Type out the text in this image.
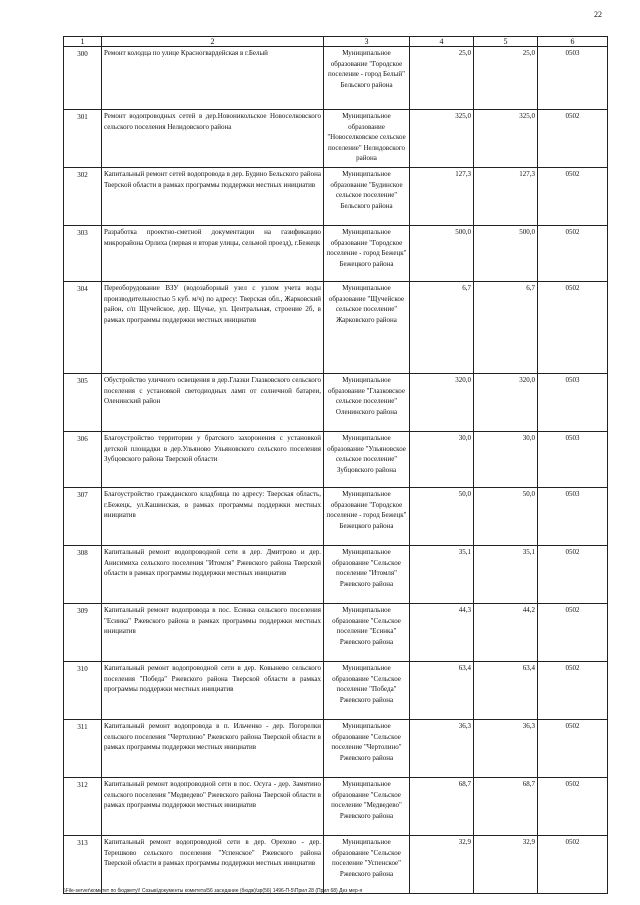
22
1	2	3	4	5	6
300	Ремонт колодца по улице Красногвардейская в г.Белый	Муниципальное образование "Городское поселение - город Белый" Бельского района	25,0	25,0	0503
301	Ремонт водопроводных сетей в дер.Новоникольское Новоселковского сельского поселения Нелидовского района	Муниципальное образование "Новоселковское сельское поселение" Нелидовского района	325,0	325,0	0502
302	Капитальный ремонт сетей водопровода в дер. Будино Бельского района Тверской области в рамках программы поддержки местных инициатив	Муниципальное образование "Будинское сельское поселение" Бельского района	127,3	127,3	0502
303	Разработка проектно-сметной документации на газификацию микрорайона Орлиха (первая и вторая улицы, сельмой проезд), г.Бежецк	Муниципальное образование "Городское поселение - город Бежецк" Бежецкого района	500,0	500,0	0502
304	Переоборудование ВЗУ (водозаборный узел с узлом учета воды производительностью 5 куб. м/ч) по адресу: Тверская обл., Жарковский район, с/п Щучейское, дер. Щучье, ул. Центральная, строение 2б, в рамках программы поддержки местных инициатив	Муниципальное образование "Щучейское сельское поселение" Жарковского района	6,7	6,7	0502
305	Обустройство уличного освещения в дер.Глазки Глазковского сельского поселения с установкой светодиодных ламп от солнечной батареи, Оленинский район	Муниципальное образование "Глазковское сельское поселение" Оленинского района	320,0	320,0	0503
306	Благоустройство территории у братского захоронения с установкой детской площадки в дер.Ульяново Ульяновского сельского поселения Зубцовского района Тверской области	Муниципальное образование "Ульяновское сельское поселение" Зубцовского района	30,0	30,0	0503
307	Благоустройство гражданского кладбища по адресу: Тверская область, г.Бежецк, ул.Кашинская, в рамках программы поддержки местных инициатив	Муниципальное образование "Городское поселение - город Бежецк" Бежецкого района	50,0	50,0	0503
308	Капитальный ремонт водопроводной сети в дер. Дмитрово и дер. Анисимиха сельского поселения "Итомля" Ржевского района Тверской области в рамках программы поддержки местных инициатив	Муниципальное образование "Сельское поселение "Итомля" Ржевского района	35,1	35,1	0502
309	Капитальный ремонт водопровода в пос. Есинка сельского поселения "Есинка" Ржевского района в рамках программы поддержки местных инициатив	Муниципальное образование "Сельское поселение "Есинка" Ржевского района	44,3	44,2	0502
310	Капитальный ремонт водопроводной сети в дер. Ковынево сельского поселения "Победа" Ржевского района Тверской области в рамках программы поддержки местных инициатив	Муниципальное образование "Сельское поселение "Победа" Ржевского района	63,4	63,4	0502
311	Капитальный ремонт водопровода в п. Ильченко - дер. Погорелки сельского поселения "Чертолино" Ржевского района Тверской области в рамках программы поддержки местных инициатив	Муниципальное образование "Сельское поселение "Чертолино" Ржевского района	36,3	36,3	0502
312	Капитальный ремонт водопроводной сети в пос. Осуга - дер. Замятино сельского поселения "Медведево" Ржевского района Тверской области в рамках программы поддержки местных инициатив	Муниципальное образование "Сельское поселение "Медведево" Ржевского района	68,7	68,7	0502
313	Капитальный ремонт водопроводной сети в дер. Орехово - дер. Терешково сельского поселения "Успенское" Ржевского района Тверской области в рамках программы поддержки местных инициатив	Муниципальное образование "Сельское поселение "Успенское" Ржевского района	32,9	32,9	0502
\\File-server\комитет по бюджету\! Созыв\документы комитета\56 заседание (бюдж)\зр(56) 1496-П-5\Прил 28 (Прил 68) Дез мер-я
